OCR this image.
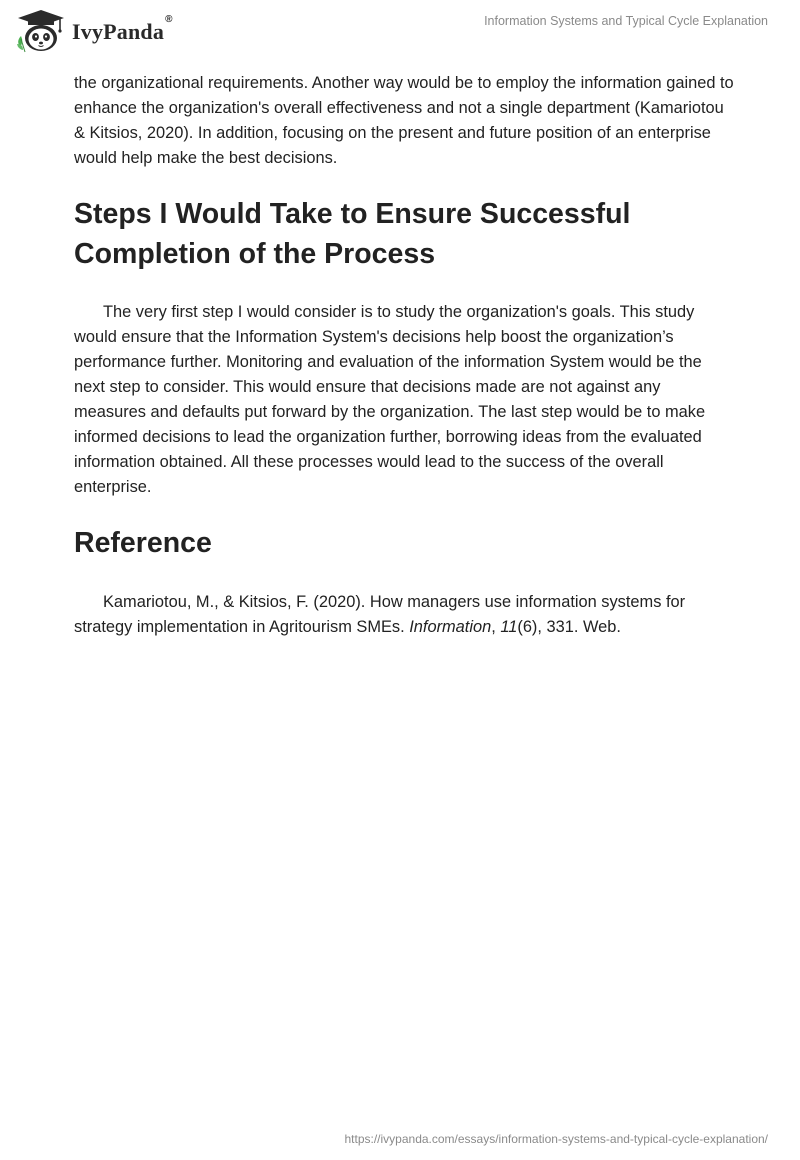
IvyPanda®	Information Systems and Typical Cycle Explanation

the organizational requirements. Another way would be to employ the information gained to enhance the organization's overall effectiveness and not a single department (Kamariotou & Kitsios, 2020). In addition, focusing on the present and future position of an enterprise would help make the best decisions.

Steps I Would Take to Ensure Successful Completion of the Process

The very first step I would consider is to study the organization's goals. This study would ensure that the Information System's decisions help boost the organization’s performance further. Monitoring and evaluation of the information System would be the next step to consider. This would ensure that decisions made are not against any measures and defaults put forward by the organization. The last step would be to make informed decisions to lead the organization further, borrowing ideas from the evaluated information obtained. All these processes would lead to the success of the overall enterprise.

Reference

Kamariotou, M., & Kitsios, F. (2020). How managers use information systems for strategy implementation in Agritourism SMEs. Information, 11(6), 331. Web.

https://ivypanda.com/essays/information-systems-and-typical-cycle-explanation/
